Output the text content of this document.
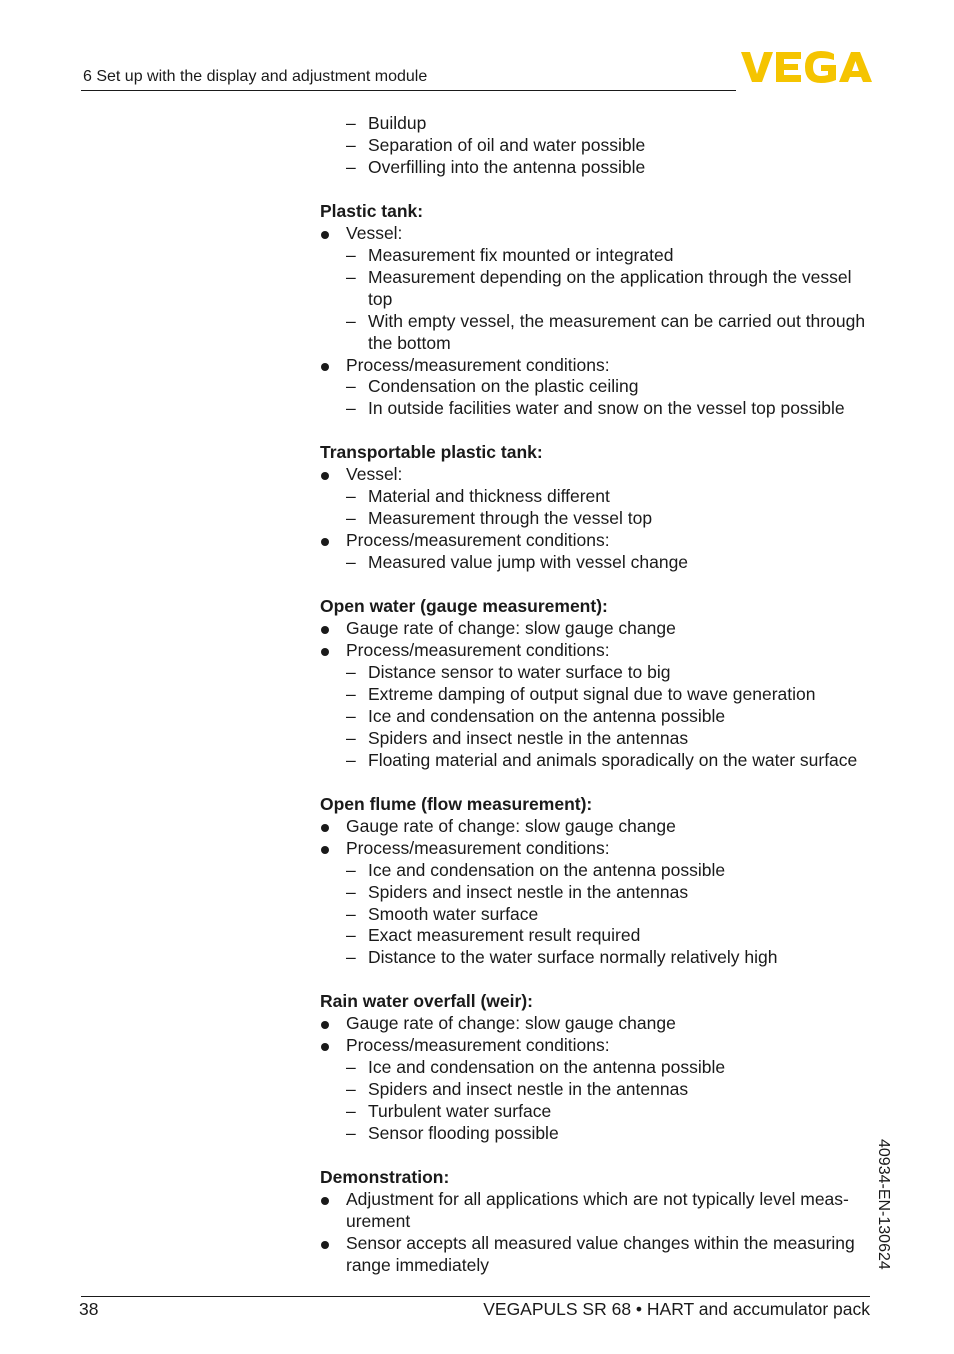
6 Set up with the display and adjustment module
– Buildup
– Separation of oil and water possible
– Overfilling into the antenna possible
Plastic tank:
Vessel:
– Measurement fix mounted or integrated
– Measurement depending on the application through the vessel top
– With empty vessel, the measurement can be carried out through the bottom
Process/measurement conditions:
– Condensation on the plastic ceiling
– In outside facilities water and snow on the vessel top possible
Transportable plastic tank:
Vessel:
– Material and thickness different
– Measurement through the vessel top
Process/measurement conditions:
– Measured value jump with vessel change
Open water (gauge measurement):
Gauge rate of change: slow gauge change
Process/measurement conditions:
– Distance sensor to water surface to big
– Extreme damping of output signal due to wave generation
– Ice and condensation on the antenna possible
– Spiders and insect nestle in the antennas
– Floating material and animals sporadically on the water surface
Open flume (flow measurement):
Gauge rate of change: slow gauge change
Process/measurement conditions:
– Ice and condensation on the antenna possible
– Spiders and insect nestle in the antennas
– Smooth water surface
– Exact measurement result required
– Distance to the water surface normally relatively high
Rain water overfall (weir):
Gauge rate of change: slow gauge change
Process/measurement conditions:
– Ice and condensation on the antenna possible
– Spiders and insect nestle in the antennas
– Turbulent water surface
– Sensor flooding possible
Demonstration:
Adjustment for all applications which are not typically level meas-urement
Sensor accepts all measured value changes within the measuring range immediately
38	VEGAPULS SR 68 • HART and accumulator pack
40934-EN-130624
